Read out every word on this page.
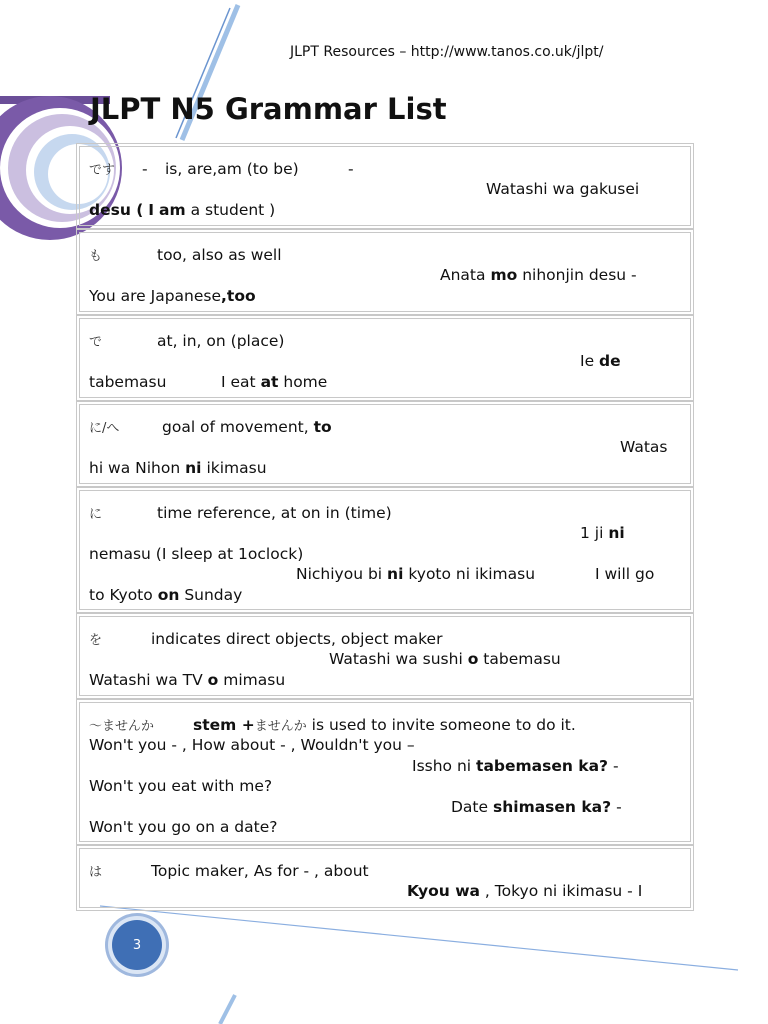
JLPT Resources – http://www.tanos.co.uk/jlpt/
JLPT N5 Grammar List
です - is, are,am (to be)	-
Watashi wa gakusei
desu ( I am a student )
も	too, also as well
Anata mo nihonjin desu -
You are Japanese,too
で	at, in, on (place)
Ie de
tabemasu	I eat at home
に/へ	goal of movement, to
Watas
hi wa Nihon ni ikimasu
に	time reference, at on in (time)
1 ji ni
nemasu (I sleep at 1oclock)
Nichiyou bi ni kyoto ni ikimasu	I will go
to Kyoto on Sunday
を	indicates direct objects, object maker
Watashi wa sushi o tabemasu
Watashi wa TV o mimasu
～ませんか	stem +ませんか is used to invite someone to do it.
Won't you - , How about - , Wouldn't you –
Issho ni tabemasen ka? -
Won't you eat with me?
Date shimasen ka? -
Won't you go on a date?
は	Topic maker, As for - , about
Kyou wa , Tokyo ni ikimasu - I
3
